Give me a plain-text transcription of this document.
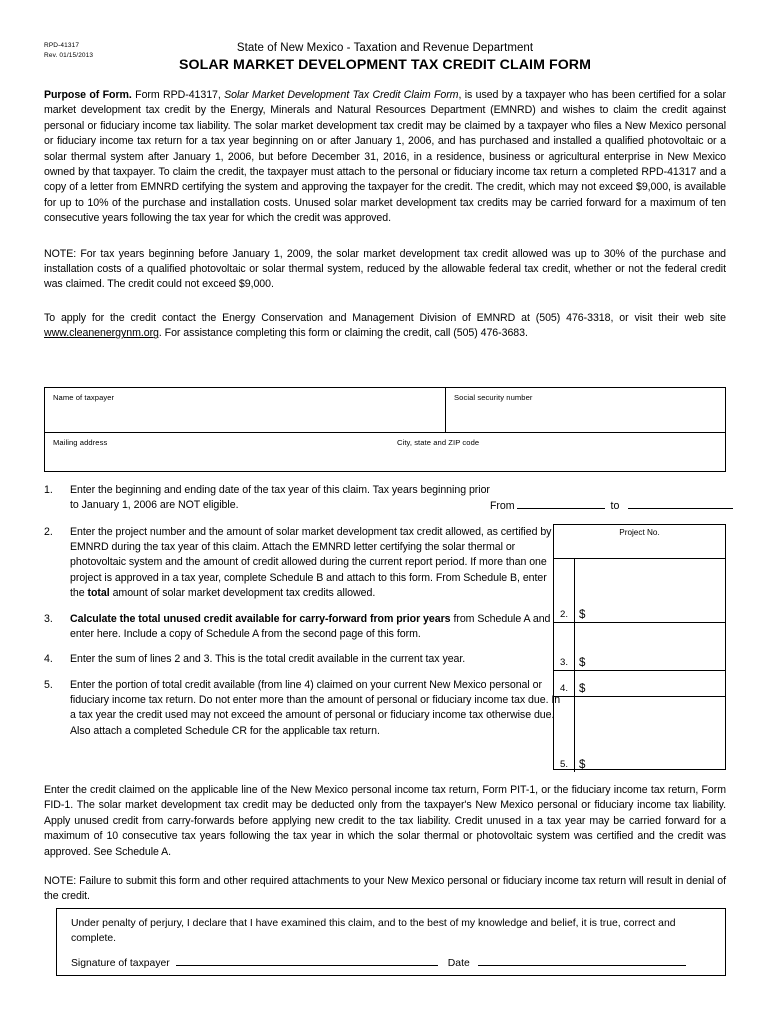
RPD-41317
Rev. 01/15/2013
State of New Mexico - Taxation and Revenue Department
SOLAR MARKET DEVELOPMENT TAX CREDIT CLAIM FORM

Purpose of Form. Form RPD-41317, Solar Market Development Tax Credit Claim Form, is used by a taxpayer who has been certified for a solar market development tax credit by the Energy, Minerals and Natural Resources Department (EMNRD) and wishes to claim the credit against personal or fiduciary income tax liability. The solar market development tax credit may be claimed by a taxpayer who files a New Mexico personal or fiduciary income tax return for a tax year beginning on or after January 1, 2006, and has purchased and installed a qualified photovoltaic or a solar thermal system after January 1, 2006, but before December 31, 2016, in a residence, business or agricultural enterprise in New Mexico owned by that taxpayer. To claim the credit, the taxpayer must attach to the personal or fiduciary income tax return a completed RPD-41317 and a copy of a letter from EMNRD certifying the system and approving the taxpayer for the credit. The credit, which may not exceed $9,000, is available for up to 10% of the purchase and installation costs. Unused solar market development tax credits may be carried forward for a maximum of ten consecutive years following the tax year for which the credit was approved.

NOTE: For tax years beginning before January 1, 2009, the solar market development tax credit allowed was up to 30% of the purchase and installation costs of a qualified photovoltaic or solar thermal system, reduced by the allowable federal tax credit, whether or not the federal credit was claimed. The credit could not exceed $9,000.

To apply for the credit contact the Energy Conservation and Management Division of EMNRD at (505) 476-3318, or visit their web site www.cleanenergynm.org. For assistance completing this form or claiming the credit, call (505) 476-3683.

Name of taxpayer	Social security number
Mailing address	City, state and ZIP code
1.	Enter the beginning and ending date of the tax year of this claim. Tax years beginning prior to January 1, 2006 are NOT eligible.	From	to
2.	Enter the project number and the amount of solar market development tax credit allowed, as certified by EMNRD during the tax year of this claim. Attach the EMNRD letter certifying the solar thermal or photovoltaic system and the amount of credit allowed during the current report period. If more than one project is approved in a tax year, complete Schedule B and attach to this form. From Schedule B, enter the total amount of solar market development tax credits allowed.
3.	Calculate the total unused credit available for carry-forward from prior years from Schedule A and enter here. Include a copy of Schedule A from the second page of this form.
4.	Enter the sum of lines 2 and 3. This is the total credit available in the current tax year.
5.	Enter the portion of total credit available (from line 4) claimed on your current New Mexico personal or fiduciary income tax return. Do not enter more than the amount of personal or fiduciary income tax due. In a tax year the credit used may not exceed the amount of personal or fiduciary income tax otherwise due. Also attach a completed Schedule CR for the applicable tax return.
Project No.
2. $
3. $
4. $
5. $

Enter the credit claimed on the applicable line of the New Mexico personal income tax return, Form PIT-1, or the fiduciary income tax return, Form FID-1. The solar market development tax credit may be deducted only from the taxpayer's New Mexico personal or fiduciary income tax liability. Apply unused credit from carry-forwards before applying new credit to the tax liability. Credit unused in a tax year may be carried forward for a maximum of 10 consecutive tax years following the tax year in which the solar thermal or photovoltaic system was certified and the credit was approved. See Schedule A.

NOTE: Failure to submit this form and other required attachments to your New Mexico personal or fiduciary income tax return will result in denial of the credit.

Under penalty of perjury, I declare that I have examined this claim, and to the best of my knowledge and belief, it is true, correct and complete.
Signature of taxpayer	Date
